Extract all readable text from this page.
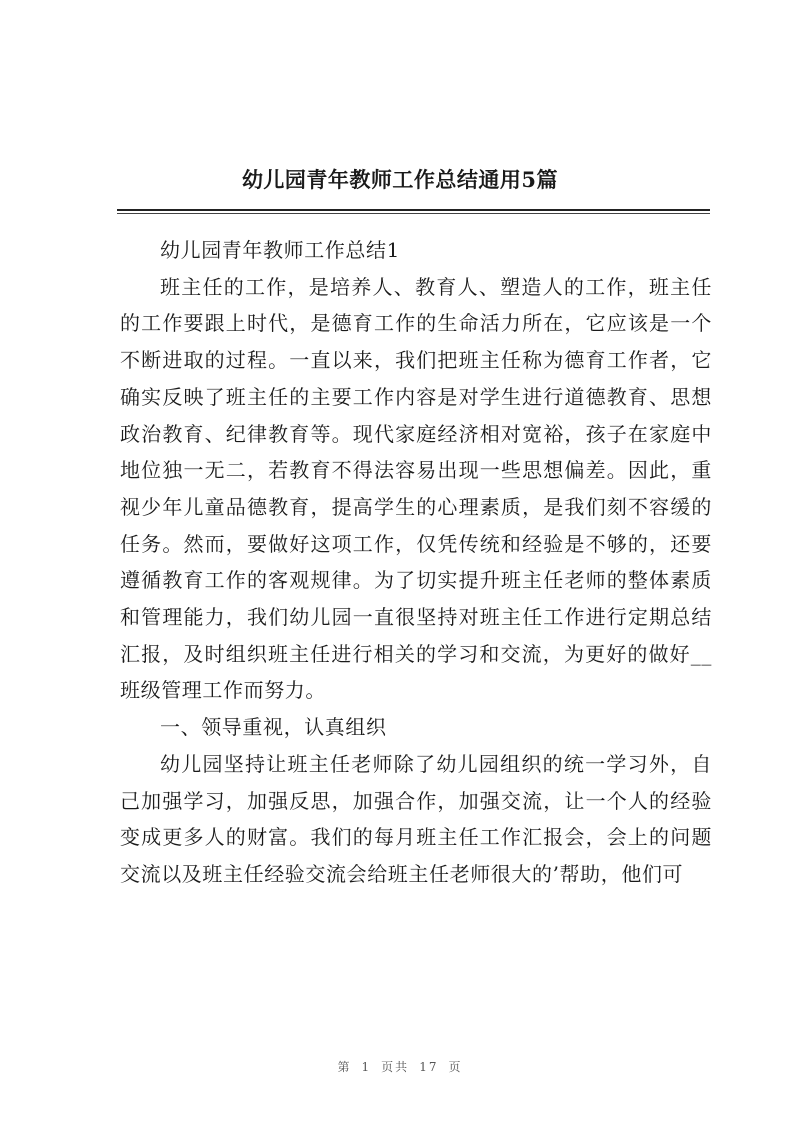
幼儿园青年教师工作总结通用5篇

幼儿园青年教师工作总结1

班主任的工作，是培养人、教育人、塑造人的工作，班主任的工作要跟上时代，是德育工作的生命活力所在，它应该是一个不断进取的过程。一直以来，我们把班主任称为德育工作者，它确实反映了班主任的主要工作内容是对学生进行道德教育、思想政治教育、纪律教育等。现代家庭经济相对宽裕，孩子在家庭中地位独一无二，若教育不得法容易出现一些思想偏差。因此，重视少年儿童品德教育，提高学生的心理素质，是我们刻不容缓的任务。然而，要做好这项工作，仅凭传统和经验是不够的，还要遵循教育工作的客观规律。为了切实提升班主任老师的整体素质和管理能力，我们幼儿园一直很坚持对班主任工作进行定期总结汇报，及时组织班主任进行相关的学习和交流，为更好的做好__班级管理工作而努力。

一、领导重视，认真组织

幼儿园坚持让班主任老师除了幼儿园组织的统一学习外，自己加强学习，加强反思，加强合作，加强交流，让一个人的经验变成更多人的财富。我们的每月班主任工作汇报会，会上的问题交流以及班主任经验交流会给班主任老师很大的’帮助，他们可

第 1 页共 17 页
